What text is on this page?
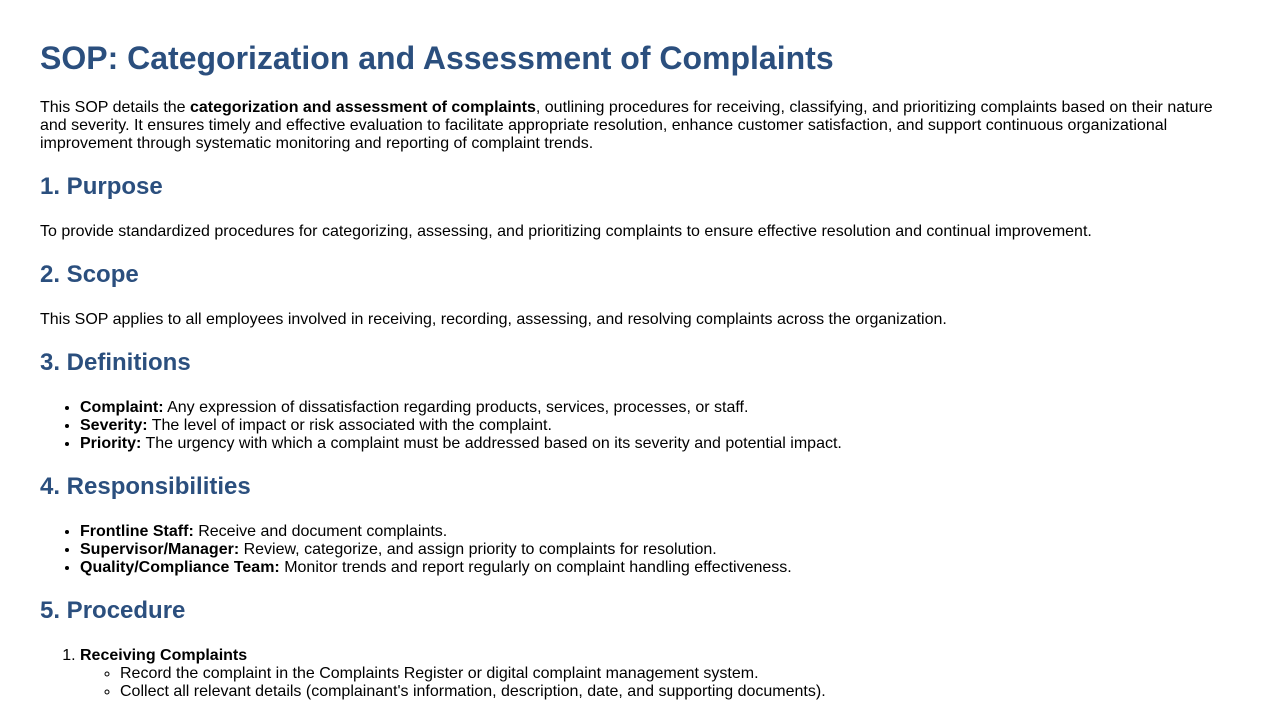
SOP: Categorization and Assessment of Complaints

This SOP details the categorization and assessment of complaints, outlining procedures for receiving, classifying, and prioritizing complaints based on their nature and severity. It ensures timely and effective evaluation to facilitate appropriate resolution, enhance customer satisfaction, and support continuous organizational improvement through systematic monitoring and reporting of complaint trends.

1. Purpose

To provide standardized procedures for categorizing, assessing, and prioritizing complaints to ensure effective resolution and continual improvement.

2. Scope

This SOP applies to all employees involved in receiving, recording, assessing, and resolving complaints across the organization.

3. Definitions
• Complaint: Any expression of dissatisfaction regarding products, services, processes, or staff.
• Severity: The level of impact or risk associated with the complaint.
• Priority: The urgency with which a complaint must be addressed based on its severity and potential impact.
4. Responsibilities
• Frontline Staff: Receive and document complaints.
• Supervisor/Manager: Review, categorize, and assign priority to complaints for resolution.
• Quality/Compliance Team: Monitor trends and report regularly on complaint handling effectiveness.
5. Procedure
1. Receiving Complaints
◦ Record the complaint in the Complaints Register or digital complaint management system.
◦ Collect all relevant details (complainant's information, description, date, and supporting documents).
